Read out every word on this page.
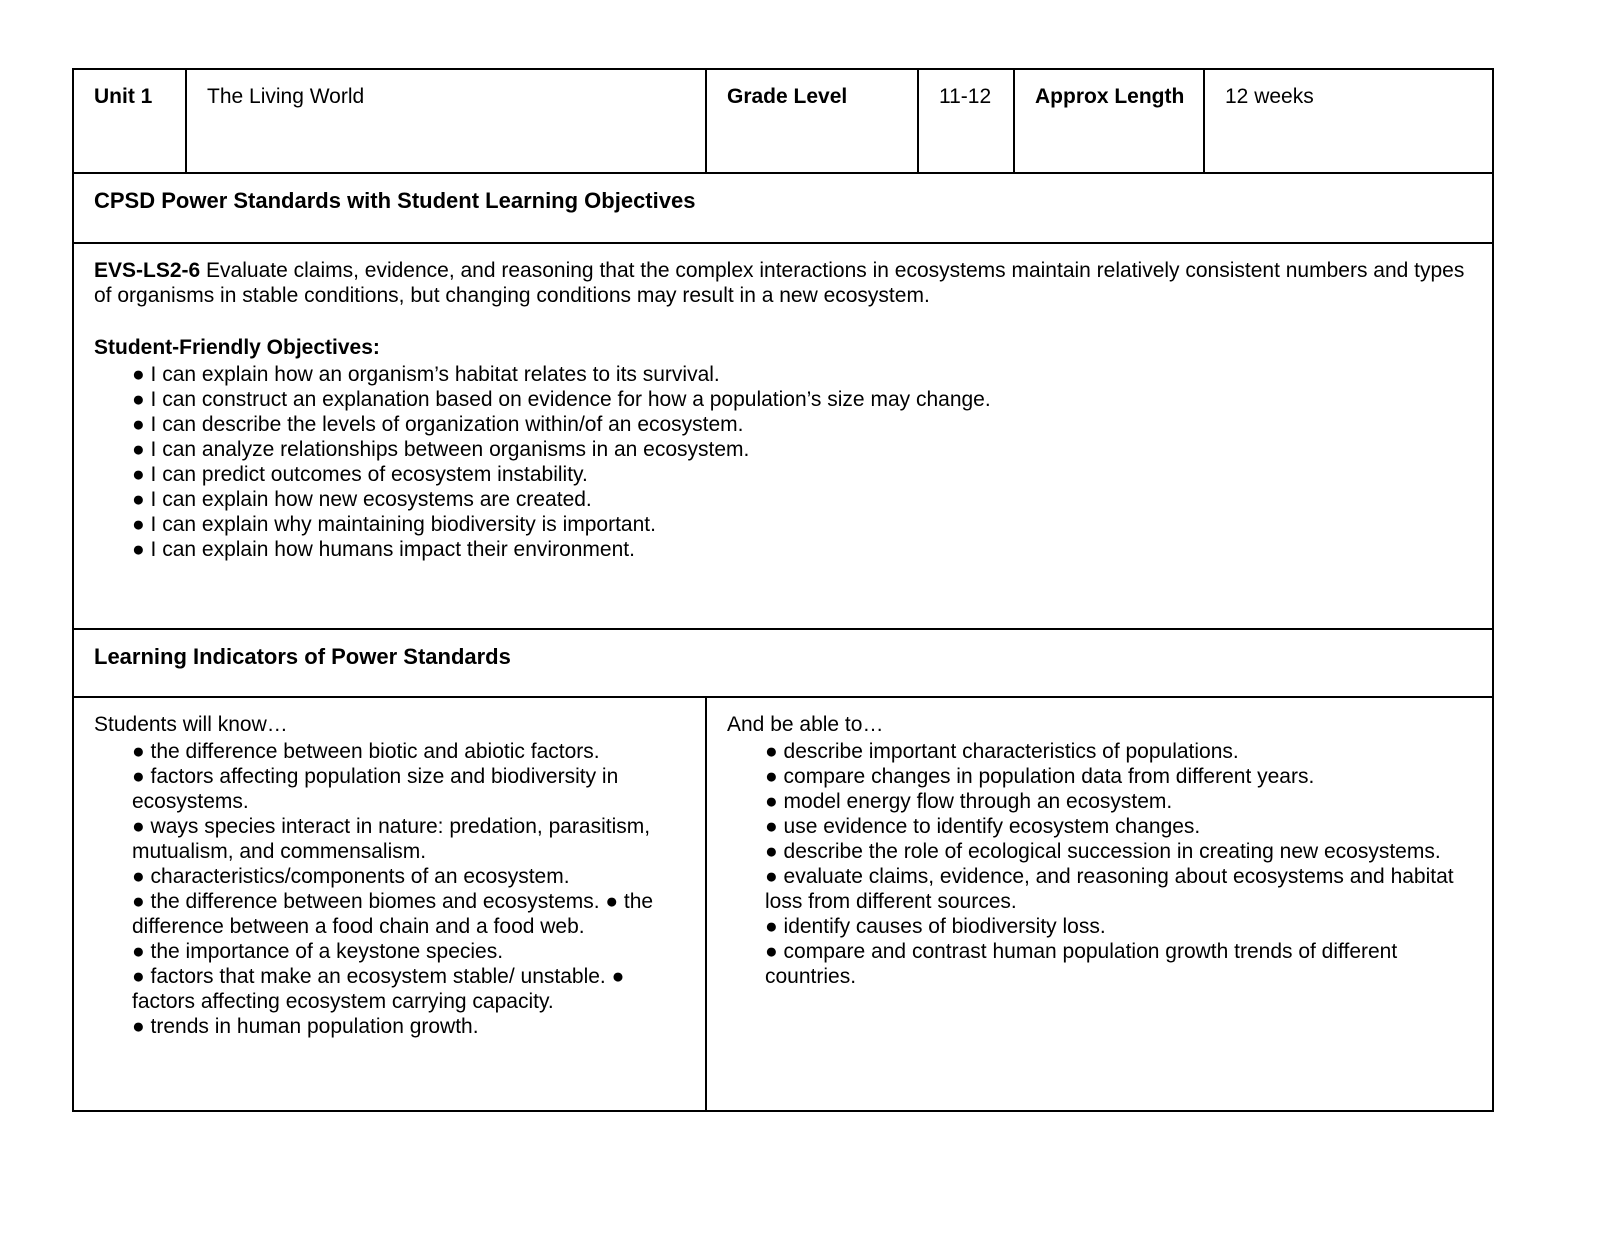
Unit 1	The Living World	Grade Level	11-12	Approx Length	12 weeks
CPSD Power Standards with Student Learning Objectives					

EVS-LS2-6 Evaluate claims, evidence, and reasoning that the complex interactions in ecosystems maintain relatively consistent numbers and types of organisms in stable conditions, but changing conditions may result in a new ecosystem.

Student-Friendly Objectives:
● I can explain how an organism’s habitat relates to its survival.
● I can construct an explanation based on evidence for how a population’s size may change.
● I can describe the levels of organization within/of an ecosystem.
● I can analyze relationships between organisms in an ecosystem.
● I can predict outcomes of ecosystem instability.
● I can explain how new ecosystems are created.
● I can explain why maintaining biodiversity is important.
● I can explain how humans impact their environment.

Learning Indicators of Power Standards					

Students will know…
● the difference between biotic and abiotic factors.
● factors affecting population size and biodiversity in ecosystems.
● ways species interact in nature: predation, parasitism, mutualism, and commensalism.
● characteristics/components of an ecosystem.
● the difference between biomes and ecosystems. ● the difference between a food chain and a food web.
● the importance of a keystone species.
● factors that make an ecosystem stable/ unstable. ● factors affecting ecosystem carrying capacity.
● trends in human population growth.

And be able to…
● describe important characteristics of populations.
● compare changes in population data from different years.
● model energy flow through an ecosystem.
● use evidence to identify ecosystem changes.
● describe the role of ecological succession in creating new ecosystems.
● evaluate claims, evidence, and reasoning about ecosystems and habitat loss from different sources.
● identify causes of biodiversity loss.
● compare and contrast human population growth trends of different countries.
